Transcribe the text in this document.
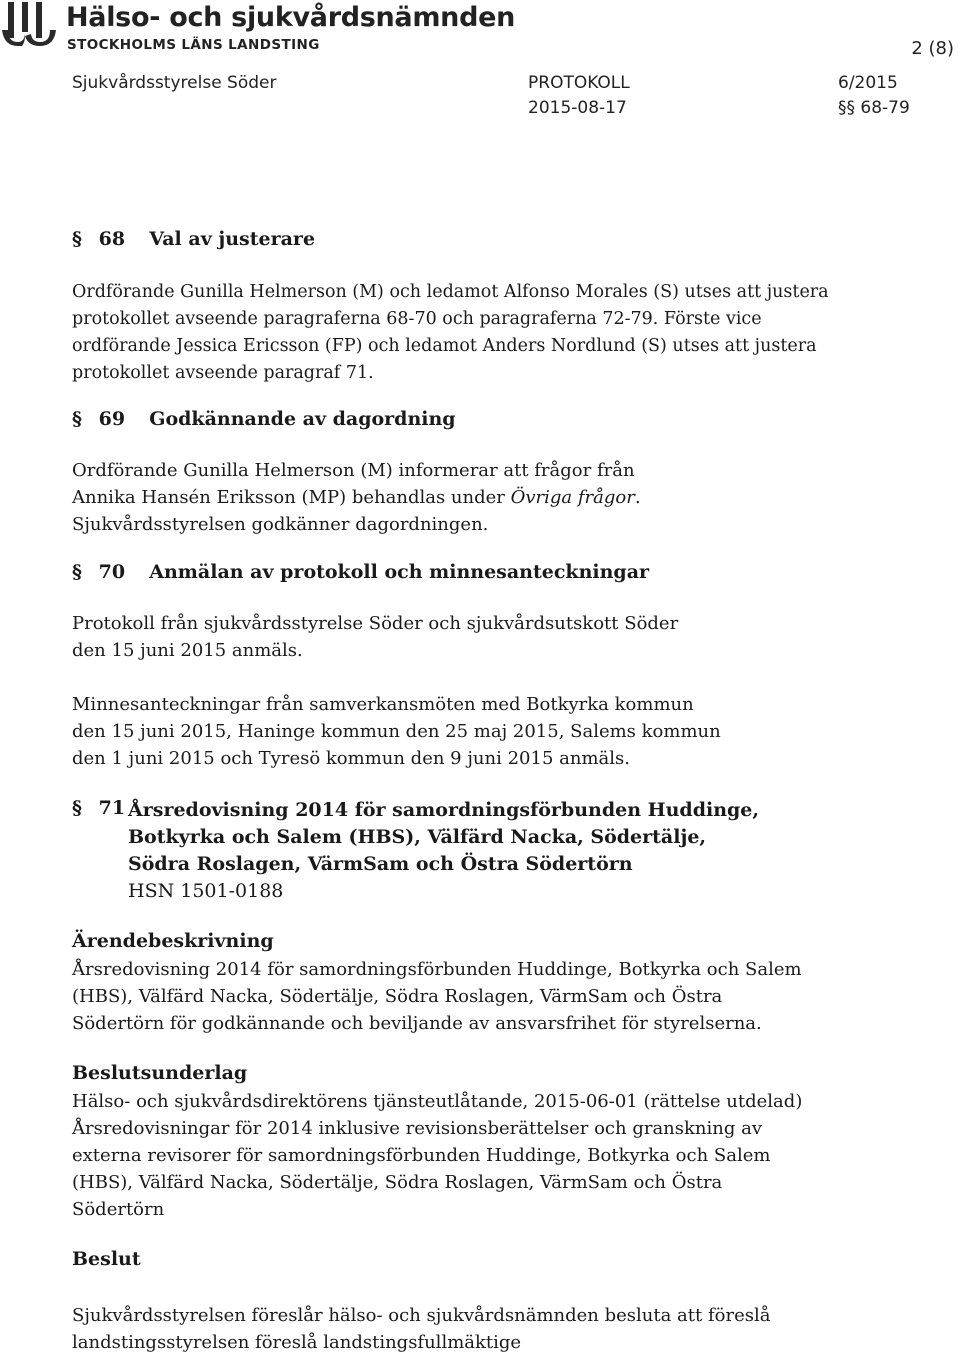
Hälso- och sjukvårdsnämnden
STOCKHOLMS LÄNS LANDSTING	2 (8)
Sjukvårdsstyrelse Söder	PROTOKOLL	6/2015
2015-08-17	§§ 68-79
§ 68 Val av justerare

Ordförande Gunilla Helmerson (M) och ledamot Alfonso Morales (S) utses att justera

protokollet avseende paragraferna 68-70 och paragraferna 72-79. Förste vice

ordförande Jessica Ericsson (FP) och ledamot Anders Nordlund (S) utses att justera

protokollet avseende paragraf 71.

§ 69 Godkännande av dagordning

Ordförande Gunilla Helmerson (M) informerar att frågor från

Annika Hansén Eriksson (MP) behandlas under Övriga frågor.

Sjukvårdsstyrelsen godkänner dagordningen.

§ 70 Anmälan av protokoll och minnesanteckningar

Protokoll från sjukvårdsstyrelse Söder och sjukvårdsutskott Söder

den 15 juni 2015 anmäls.

Minnesanteckningar från samverkansmöten med Botkyrka kommun

den 15 juni 2015, Haninge kommun den 25 maj 2015, Salems kommun

den 1 juni 2015 och Tyresö kommun den 9 juni 2015 anmäls.

§ 71 Årsredovisning 2014 för samordningsförbunden Huddinge,
Botkyrka och Salem (HBS), Välfärd Nacka, Södertälje,
Södra Roslagen, VärmSam och Östra Södertörn
HSN 1501-0188
Ärendebeskrivning

Årsredovisning 2014 för samordningsförbunden Huddinge, Botkyrka och Salem

(HBS), Välfärd Nacka, Södertälje, Södra Roslagen, VärmSam och Östra

Södertörn för godkännande och beviljande av ansvarsfrihet för styrelserna.

Beslutsunderlag

Hälso- och sjukvårdsdirektörens tjänsteutlåtande, 2015-06-01 (rättelse utdelad)

Årsredovisningar för 2014 inklusive revisionsberättelser och granskning av

externa revisorer för samordningsförbunden Huddinge, Botkyrka och Salem

(HBS), Välfärd Nacka, Södertälje, Södra Roslagen, VärmSam och Östra

Södertörn

Beslut

Sjukvårdsstyrelsen föreslår hälso- och sjukvårdsnämnden besluta att föreslå

landstingsstyrelsen föreslå landstingsfullmäktige
